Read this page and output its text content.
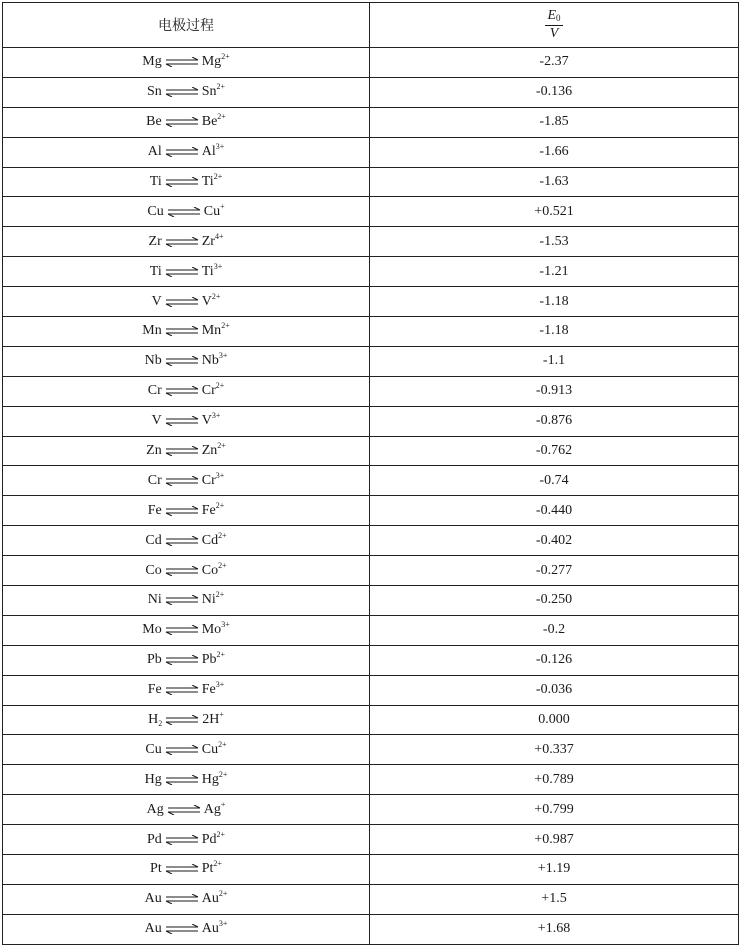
电极过程	$\frac{E_0}{V}$

Mg ⇌ $Mg^{2+}$	-2.37

Sn ⇌ $Sn^{2+}$	-0.136

Be ⇌ $Be^{2+}$	-1.85

Al ⇌ $Al^{3+}$	-1.66

Ti ⇌ $Ti^{2+}$	-1.63

Cu ⇌ Cu+	+0.521

Zr ⇌ $Zr^{4+}$	-1.53

Ti ⇌ $Ti^{3+}$	-1.21

V ⇌ $V^{2+}$	-1.18

Mn ⇌ $Mn^{2+}$	-1.18

Nb ⇌ $Nb^{3+}$	-1.1

Cr ⇌ $Cr^{2+}$	-0.913

V ⇌ $V^{3+}$	-0.876

Zn ⇌ $Zn^{2+}$	-0.762

Cr ⇌ $Cr^{3+}$	-0.74

Fe ⇌ $Fe^{2+}$	-0.440

Cd ⇌ $Cd^{2+}$	-0.402

Co ⇌ $Co^{2+}$	-0.277

Ni ⇌ $Ni^{2+}$	-0.250

Mo ⇌ $Mo^{3+}$	-0.2

Pb ⇌ $Pb^{2+}$	-0.126

Fe ⇌ $Fe^{3+}$	-0.036

$H_2$ ⇌ 2H+	0.000

Cu ⇌ $Cu^{2+}$	+0.337

Hg ⇌ $Hg^{2+}$	+0.789

Ag ⇌ Ag+	+0.799

Pd ⇌ $Pd^{2+}$	+0.987

Pt ⇌ $Pt^{2+}$	+1.19

Au ⇌ $Au^{2+}$	+1.5

Au ⇌ $Au^{3+}$	+1.68
